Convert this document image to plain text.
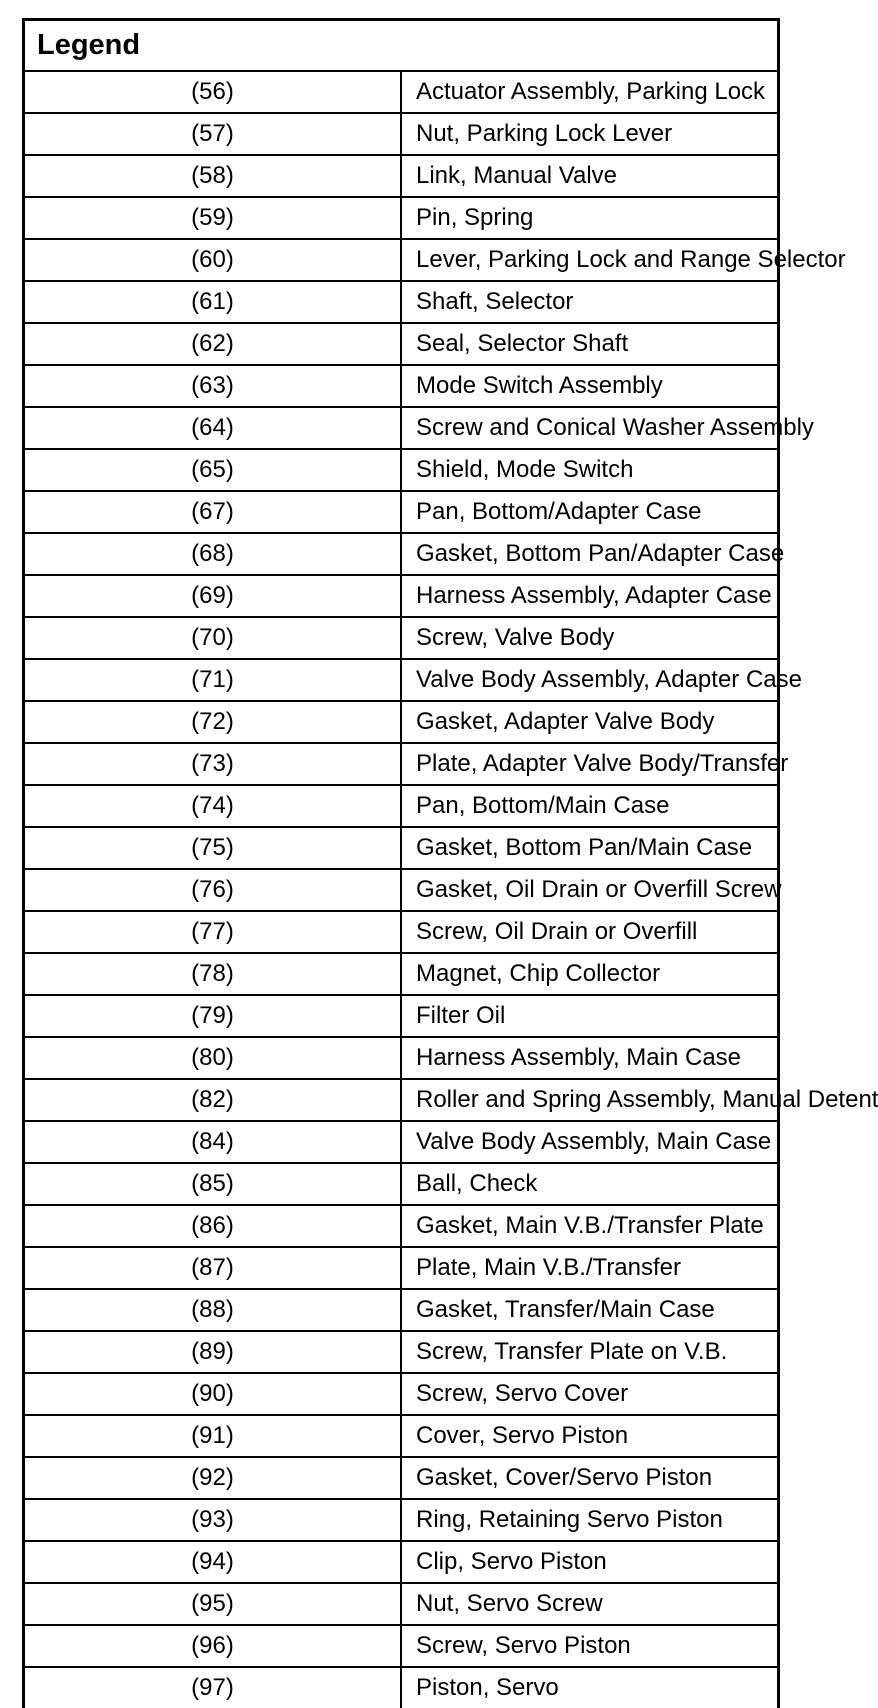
Legend	
(56)	Actuator Assembly, Parking Lock
(57)	Nut, Parking Lock Lever
(58)	Link, Manual Valve
(59)	Pin, Spring
(60)	Lever, Parking Lock and Range Selector
(61)	Shaft, Selector
(62)	Seal, Selector Shaft
(63)	Mode Switch Assembly
(64)	Screw and Conical Washer Assembly
(65)	Shield, Mode Switch
(67)	Pan, Bottom/Adapter Case
(68)	Gasket, Bottom Pan/Adapter Case
(69)	Harness Assembly, Adapter Case
(70)	Screw, Valve Body
(71)	Valve Body Assembly, Adapter Case
(72)	Gasket, Adapter Valve Body
(73)	Plate, Adapter Valve Body/Transfer
(74)	Pan, Bottom/Main Case
(75)	Gasket, Bottom Pan/Main Case
(76)	Gasket, Oil Drain or Overfill Screw
(77)	Screw, Oil Drain or Overfill
(78)	Magnet, Chip Collector
(79)	Filter Oil
(80)	Harness Assembly, Main Case
(82)	Roller and Spring Assembly, Manual Detent
(84)	Valve Body Assembly, Main Case
(85)	Ball, Check
(86)	Gasket, Main V.B./Transfer Plate
(87)	Plate, Main V.B./Transfer
(88)	Gasket, Transfer/Main Case
(89)	Screw, Transfer Plate on V.B.
(90)	Screw, Servo Cover
(91)	Cover, Servo Piston
(92)	Gasket, Cover/Servo Piston
(93)	Ring, Retaining Servo Piston
(94)	Clip, Servo Piston
(95)	Nut, Servo Screw
(96)	Screw, Servo Piston
(97)	Piston, Servo
